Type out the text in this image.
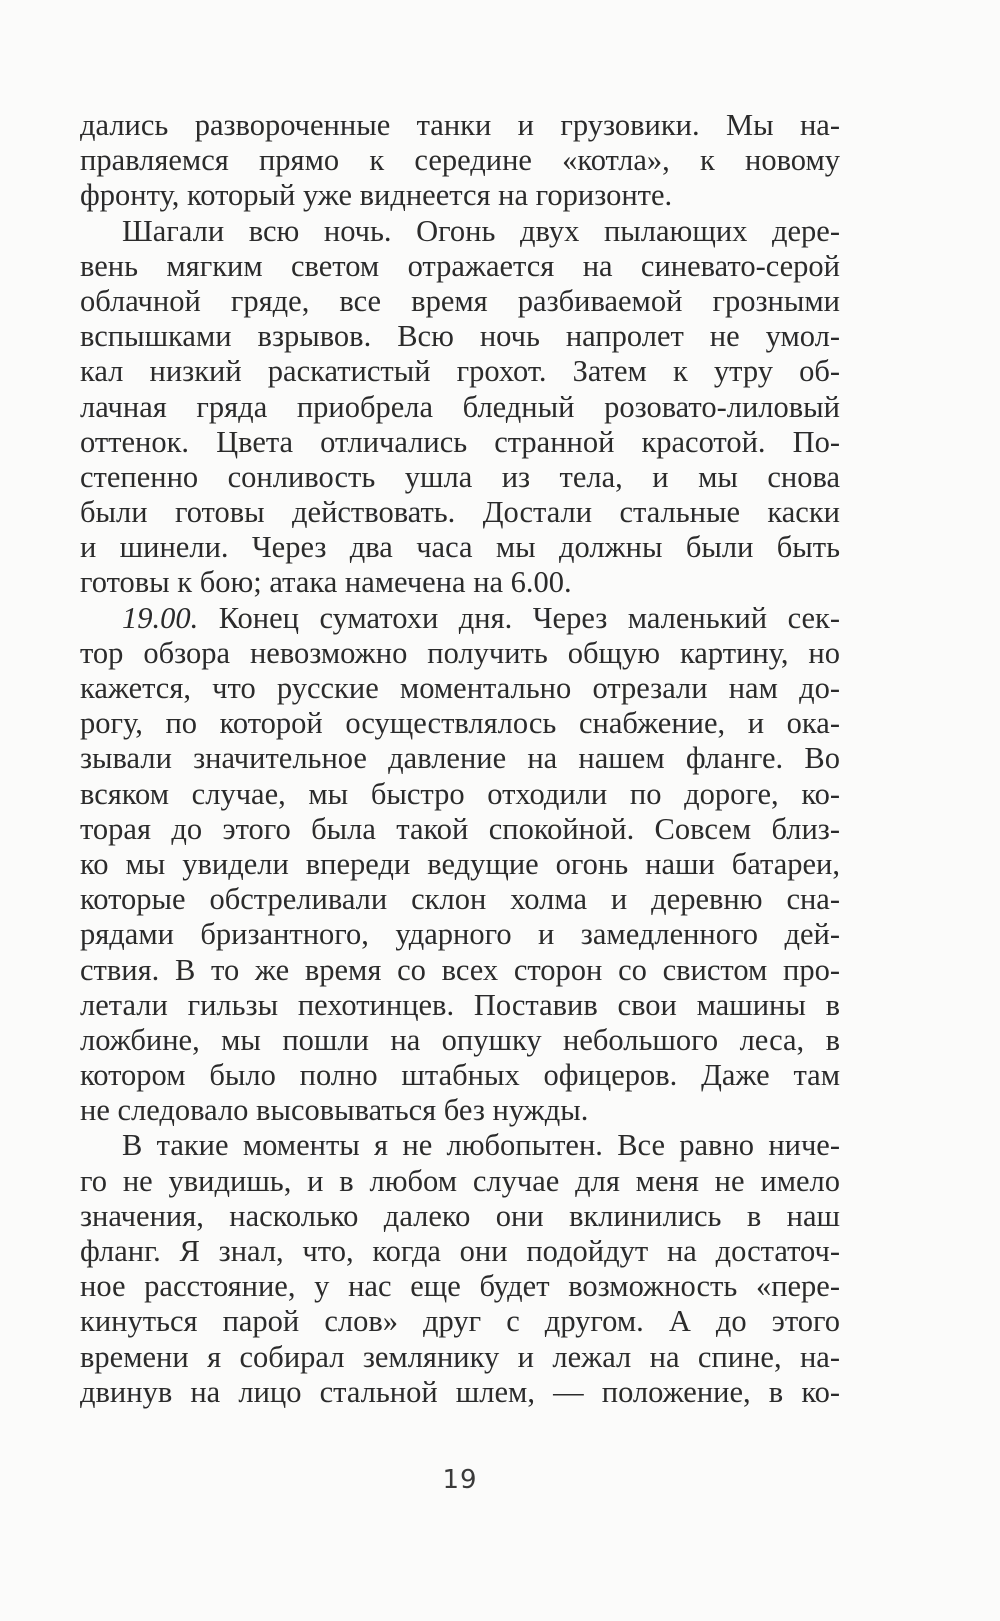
дались развороченные танки и грузовики. Мы на-
правляемся прямо к середине «котла», к новому
фронту, который уже виднеется на горизонте.
Шагали всю ночь. Огонь двух пылающих дере-
вень мягким светом отражается на синевато-серой
облачной гряде, все время разбиваемой грозными
вспышками взрывов. Всю ночь напролет не умол-
кал низкий раскатистый грохот. Затем к утру об-
лачная гряда приобрела бледный розовато-лиловый
оттенок. Цвета отличались странной красотой. По-
степенно сонливость ушла из тела, и мы снова
были готовы действовать. Достали стальные каски
и шинели. Через два часа мы должны были быть
готовы к бою; атака намечена на 6.00.
19.00. Конец суматохи дня. Через маленький сек-
тор обзора невозможно получить общую картину, но
кажется, что русские моментально отрезали нам до-
рогу, по которой осуществлялось снабжение, и ока-
зывали значительное давление на нашем фланге. Во
всяком случае, мы быстро отходили по дороге, ко-
торая до этого была такой спокойной. Совсем близ-
ко мы увидели впереди ведущие огонь наши батареи,
которые обстреливали склон холма и деревню сна-
рядами бризантного, ударного и замедленного дей-
ствия. В то же время со всех сторон со свистом про-
летали гильзы пехотинцев. Поставив свои машины в
ложбине, мы пошли на опушку небольшого леса, в
котором было полно штабных офицеров. Даже там
не следовало высовываться без нужды.
В такие моменты я не любопытен. Все равно ниче-
го не увидишь, и в любом случае для меня не имело
значения, насколько далеко они вклинились в наш
фланг. Я знал, что, когда они подойдут на достаточ-
ное расстояние, у нас еще будет возможность «пере-
кинуться парой слов» друг с другом. А до этого
времени я собирал землянику и лежал на спине, на-
двинув на лицо стальной шлем, — положение, в ко-
19
